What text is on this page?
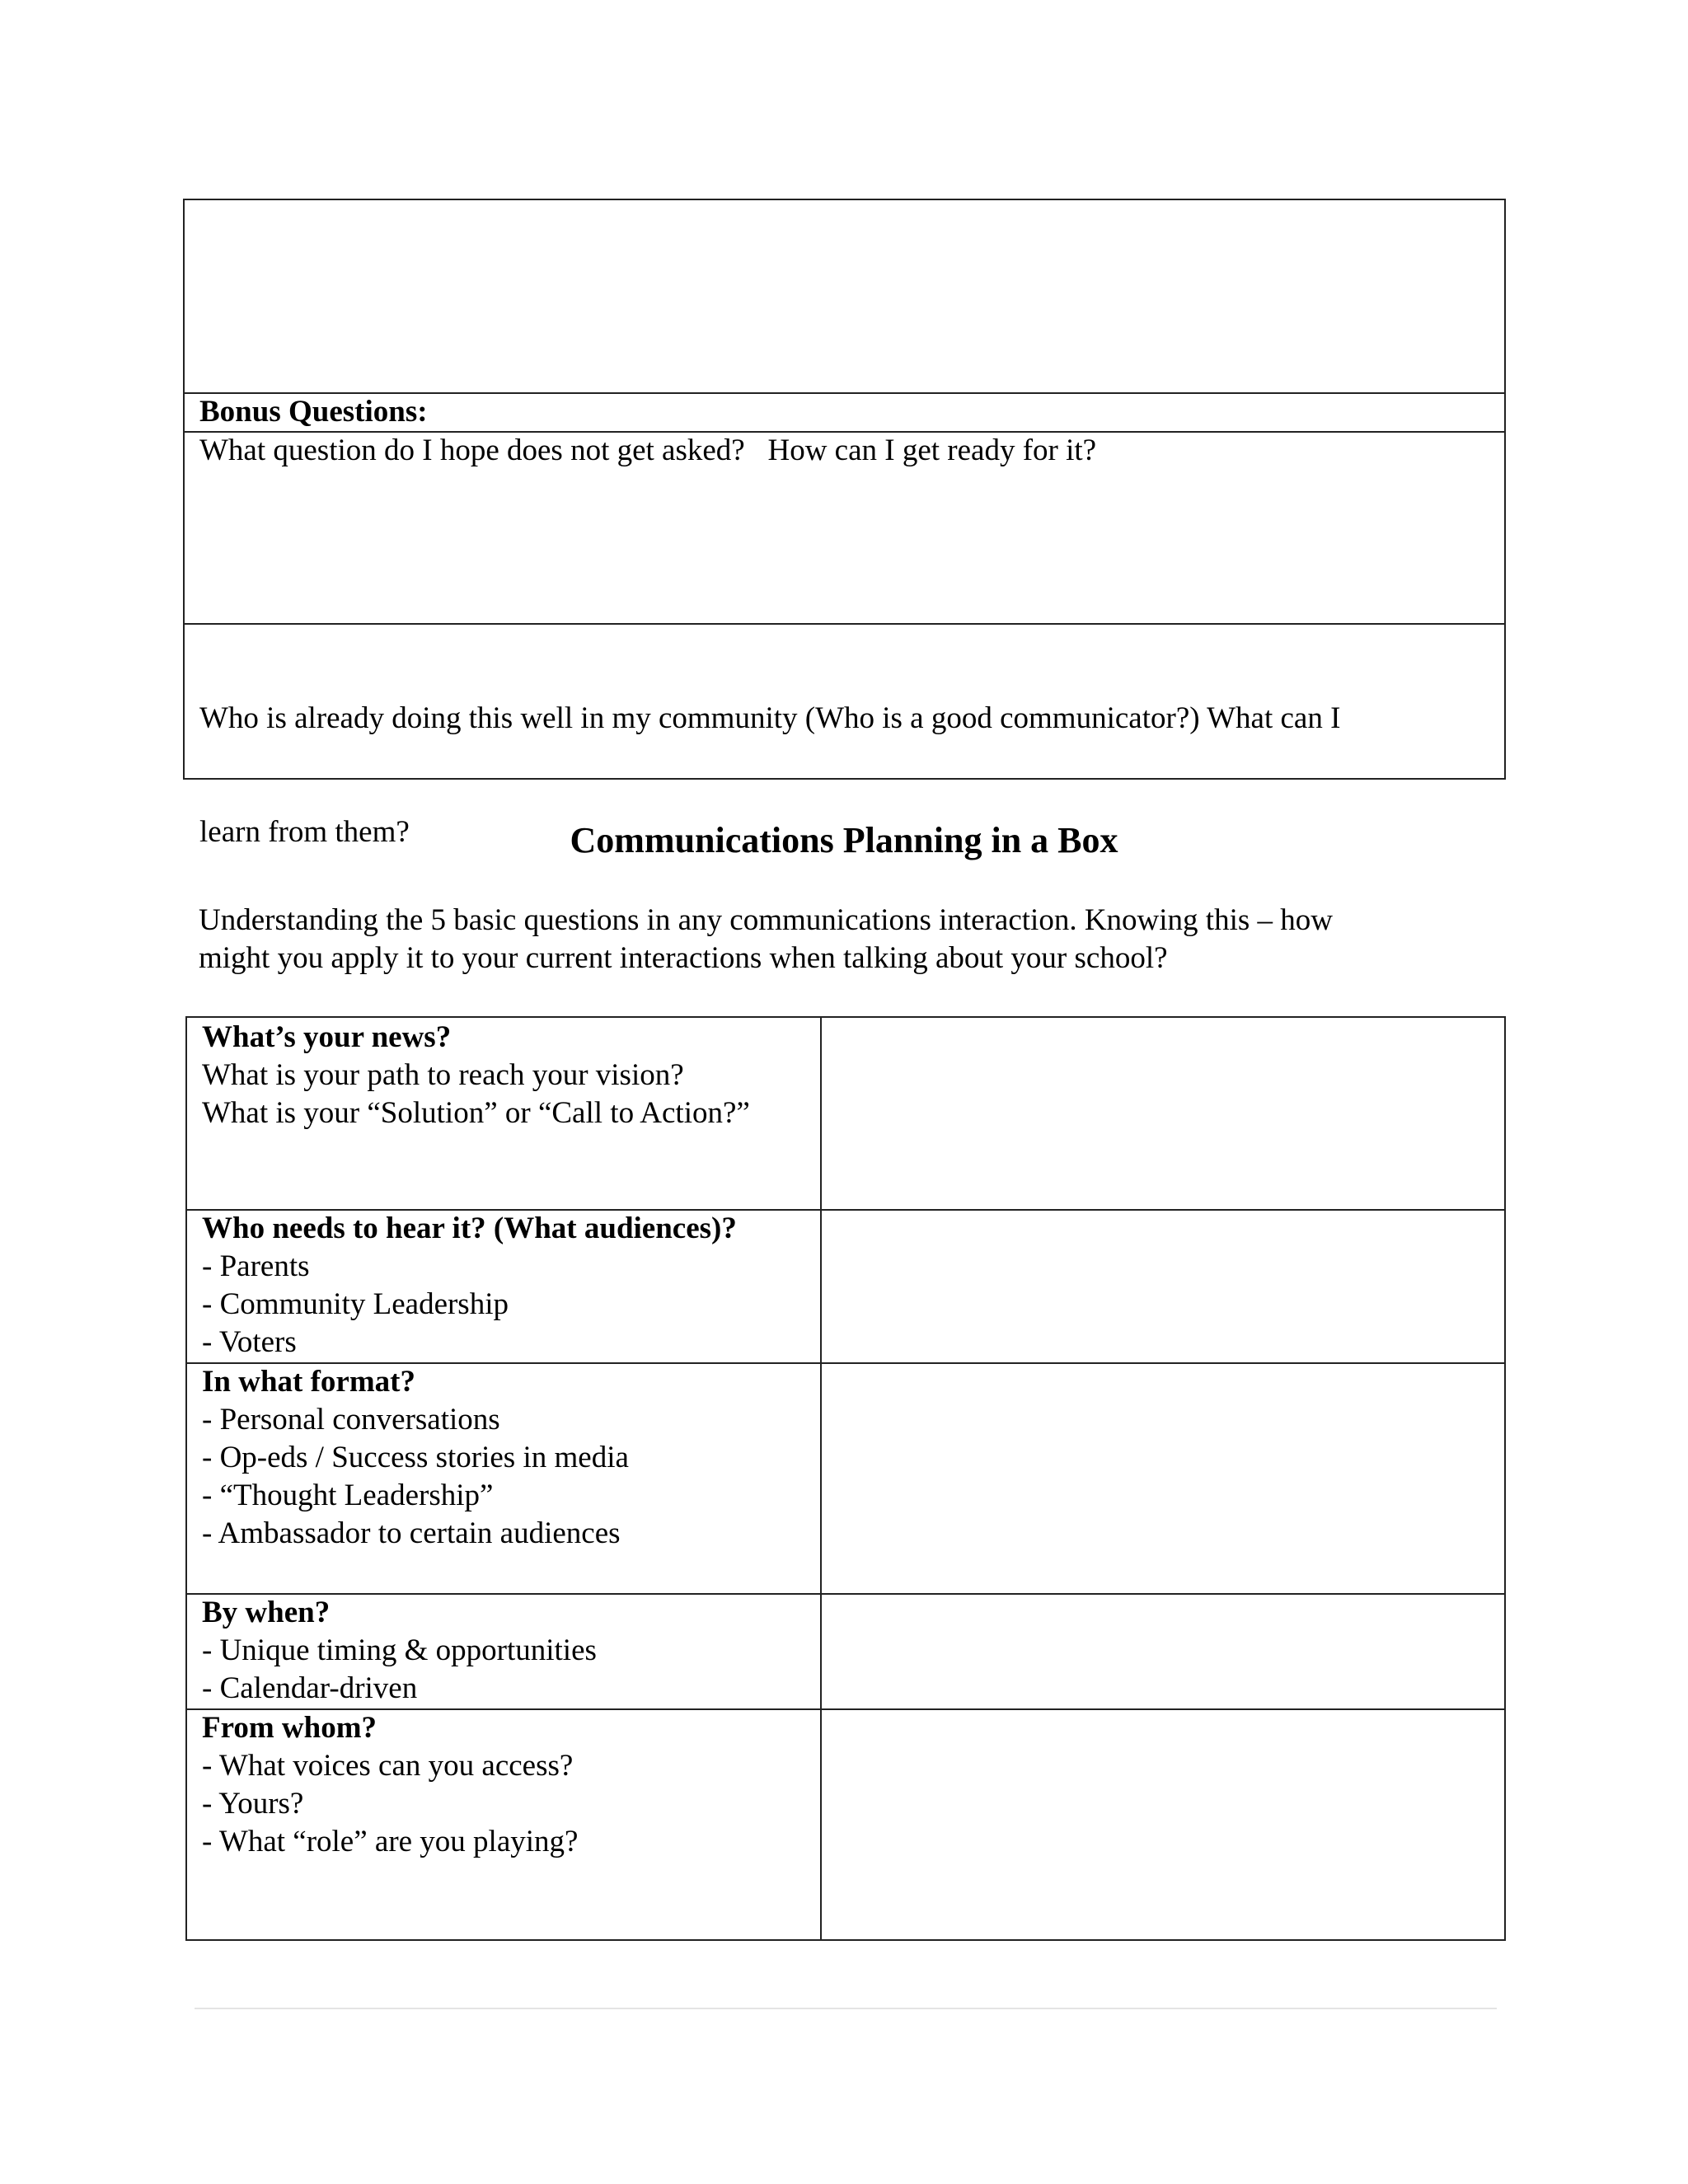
Bonus Questions:
What question do I hope does not get asked?   How can I get ready for it?

Who is already doing this well in my community (Who is a good communicator?) What can I

learn from them?

	Communications Planning in a Box
Understanding the 5 basic questions in any communications interaction. Knowing this – how
might you apply it to your current interactions when talking about your school?
What’s your news?
What is your path to reach your vision?
What is your “Solution” or “Call to Action?”
Who needs to hear it? (What audiences)?
- Parents
- Community Leadership
- Voters
In what format?
- Personal conversations
- Op-eds / Success stories in media
- “Thought Leadership”
- Ambassador to certain audiences
By when?
- Unique timing & opportunities
- Calendar-driven
From whom?
- What voices can you access?
- Yours?
- What “role” are you playing?
